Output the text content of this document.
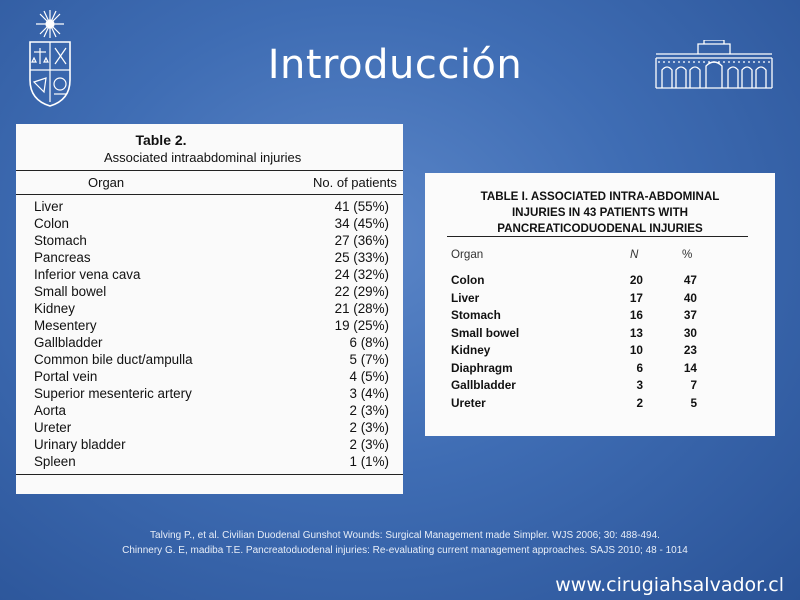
Introducción
Table 2.
Associated intraabdominal injuries
Organ	No. of patients
Liver	41 (55%)
Colon	34 (45%)
Stomach	27 (36%)
Pancreas	25 (33%)
Inferior vena cava	24 (32%)
Small bowel	22 (29%)
Kidney	21 (28%)
Mesentery	19 (25%)
Gallbladder	6 (8%)
Common bile duct/ampulla	5 (7%)
Portal vein	4 (5%)
Superior mesenteric artery	3 (4%)
Aorta	2 (3%)
Ureter	2 (3%)
Urinary bladder	2 (3%)
Spleen	1 (1%)
TABLE I. ASSOCIATED INTRA-ABDOMINAL
INJURIES IN 43 PATIENTS WITH
PANCREATICODUODENAL INJURIES
Organ	N	%
Colon	20	47
Liver	17	40
Stomach	16	37
Small bowel	13	30
Kidney	10	23
Diaphragm	6	14
Gallbladder	3	7
Ureter	2	5
Talving P., et al. Civilian Duodenal Gunshot Wounds: Surgical Management made Simpler. WJS 2006; 30: 488-494.
Chinnery G. E, madiba T.E. Pancreatoduodenal injuries: Re-evaluating current management approaches. SAJS 2010; 48 - 1014
www.cirugiahsalvador.cl
